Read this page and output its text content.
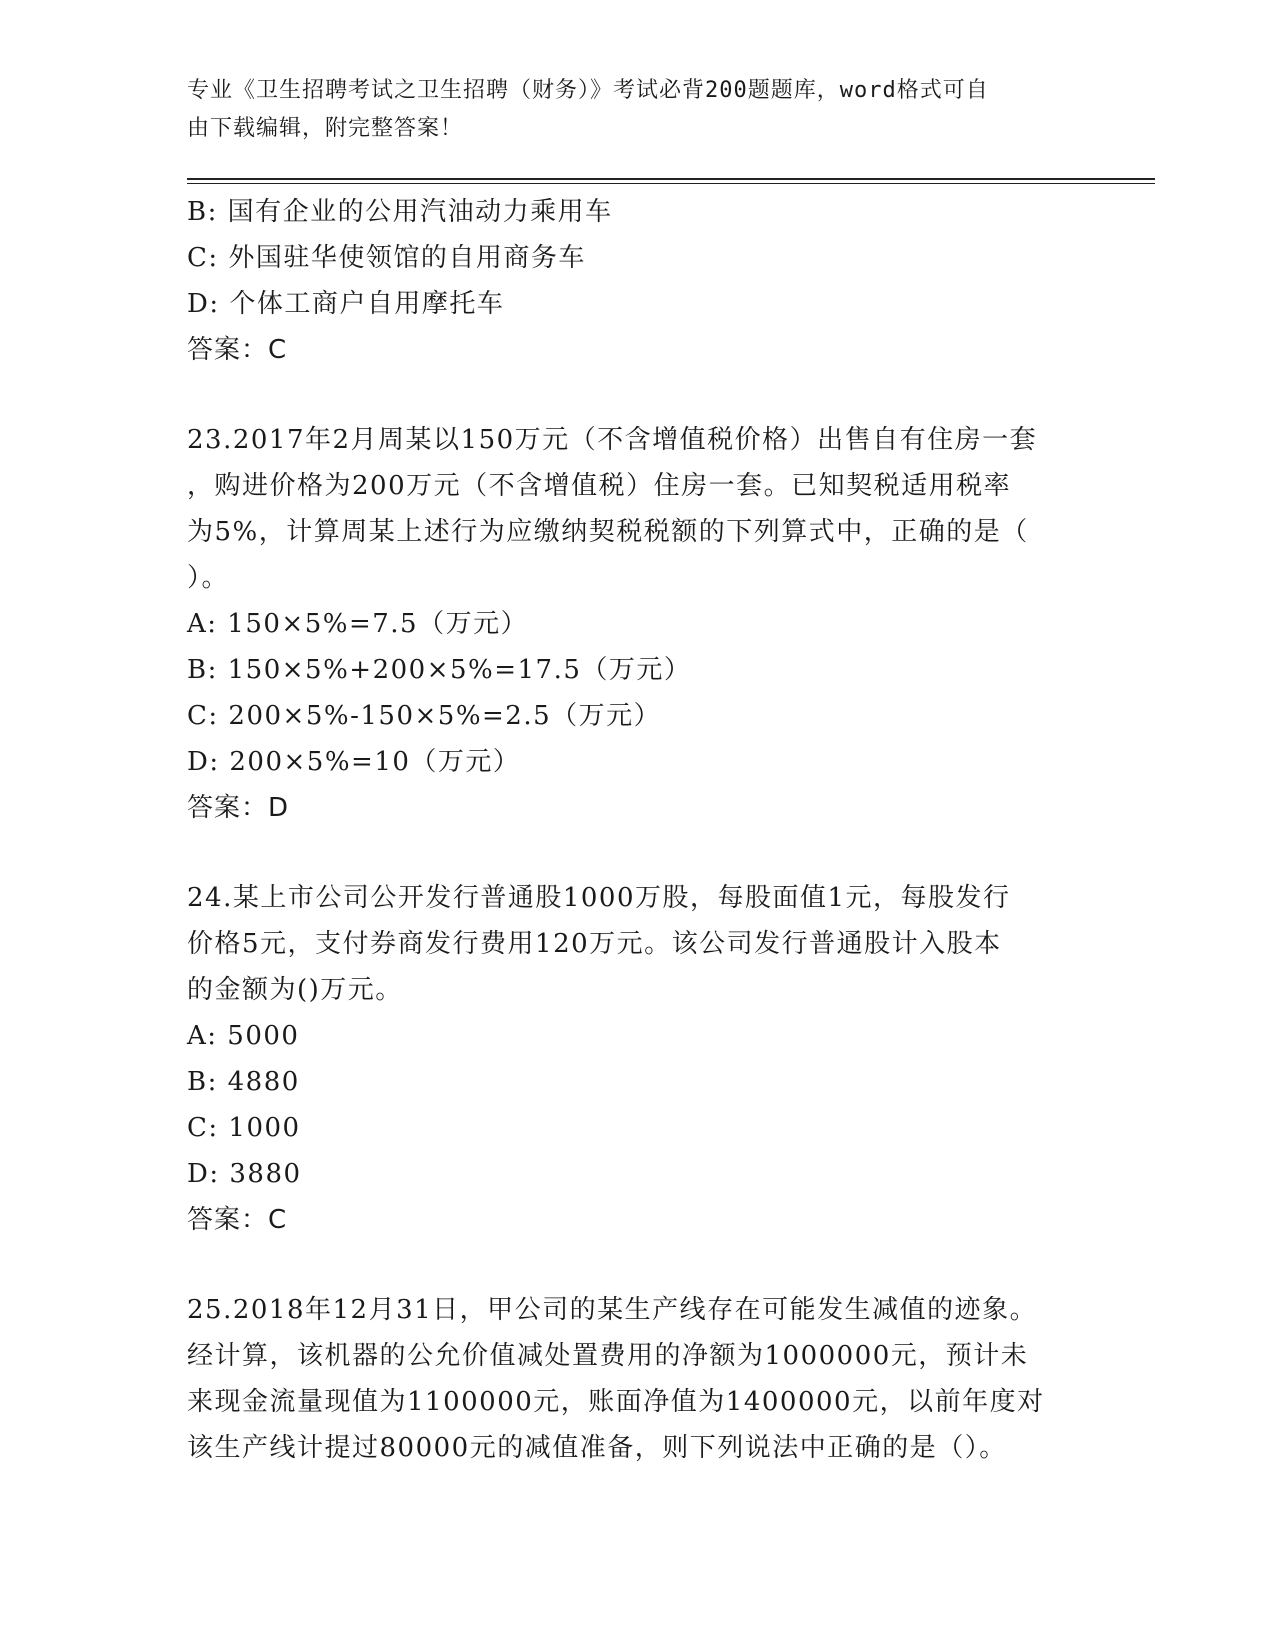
专业《卫生招聘考试之卫生招聘（财务）》考试必背200题题库，word格式可自
由下载编辑，附完整答案！
B: 国有企业的公用汽油动力乘用车
C: 外国驻华使领馆的自用商务车
D: 个体工商户自用摩托车
答案：C
23.2017年2月周某以150万元（不含增值税价格）出售自有住房一套
，购进价格为200万元（不含增值税）住房一套。已知契税适用税率
为5%，计算周某上述行为应缴纳契税税额的下列算式中，正确的是（
）。
A: 150×5%=7.5（万元）
B: 150×5%+200×5%=17.5（万元）
C: 200×5%-150×5%=2.5（万元）
D: 200×5%=10（万元）
答案：D
24.某上市公司公开发行普通股1000万股，每股面值1元，每股发行
价格5元，支付券商发行费用120万元。该公司发行普通股计入股本
的金额为()万元。
A: 5000
B: 4880
C: 1000
D: 3880
答案：C
25.2018年12月31日，甲公司的某生产线存在可能发生减值的迹象。
经计算，该机器的公允价值减处置费用的净额为1000000元，预计未
来现金流量现值为1100000元，账面净值为1400000元，以前年度对
该生产线计提过80000元的减值准备，则下列说法中正确的是（）。
